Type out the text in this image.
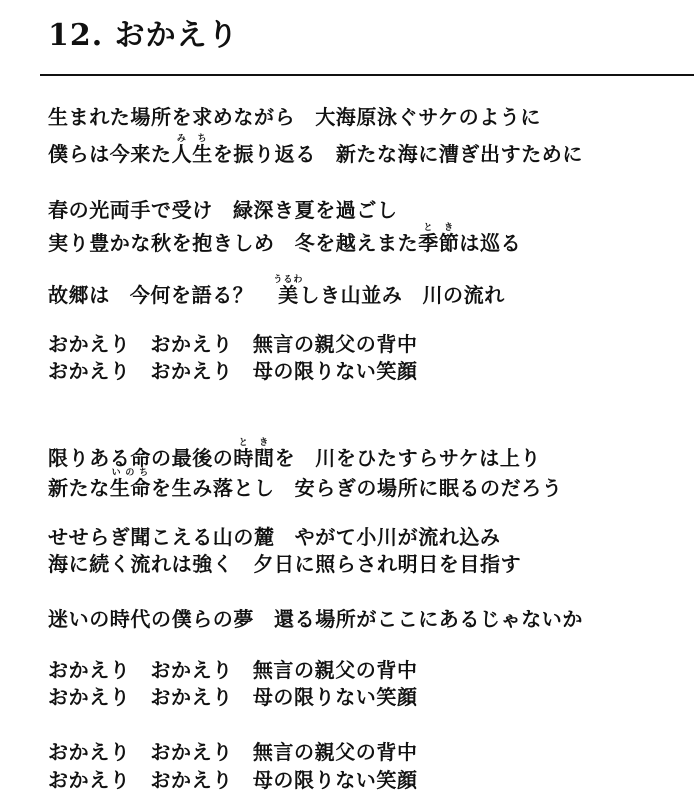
12. おかえり
生まれた場所を求めながら 大海原泳ぐサケのように
僕らは今来た人生みちを振り返る 新たな海に漕ぎ出すために
春の光両手で受け 緑深き夏を過ごし
実り豊かな秋を抱きしめ 冬を越えまた季節ときは巡る
故郷は 今何を語る？ 美うるわしき山並み 川の流れ
おかえり おかえり 無言の親父の背中
おかえり おかえり 母の限りない笑顔
限りある命の最後の時間ときを 川をひたすらサケは上り
新たな生命いのちを生み落とし 安らぎの場所に眠るのだろう
せせらぎ聞こえる山の麓 やがて小川が流れ込み
海に続く流れは強く 夕日に照らされ明日を目指す
迷いの時代の僕らの夢 還る場所がここにあるじゃないか
おかえり おかえり 無言の親父の背中
おかえり おかえり 母の限りない笑顔
おかえり おかえり 無言の親父の背中
おかえり おかえり 母の限りない笑顔
